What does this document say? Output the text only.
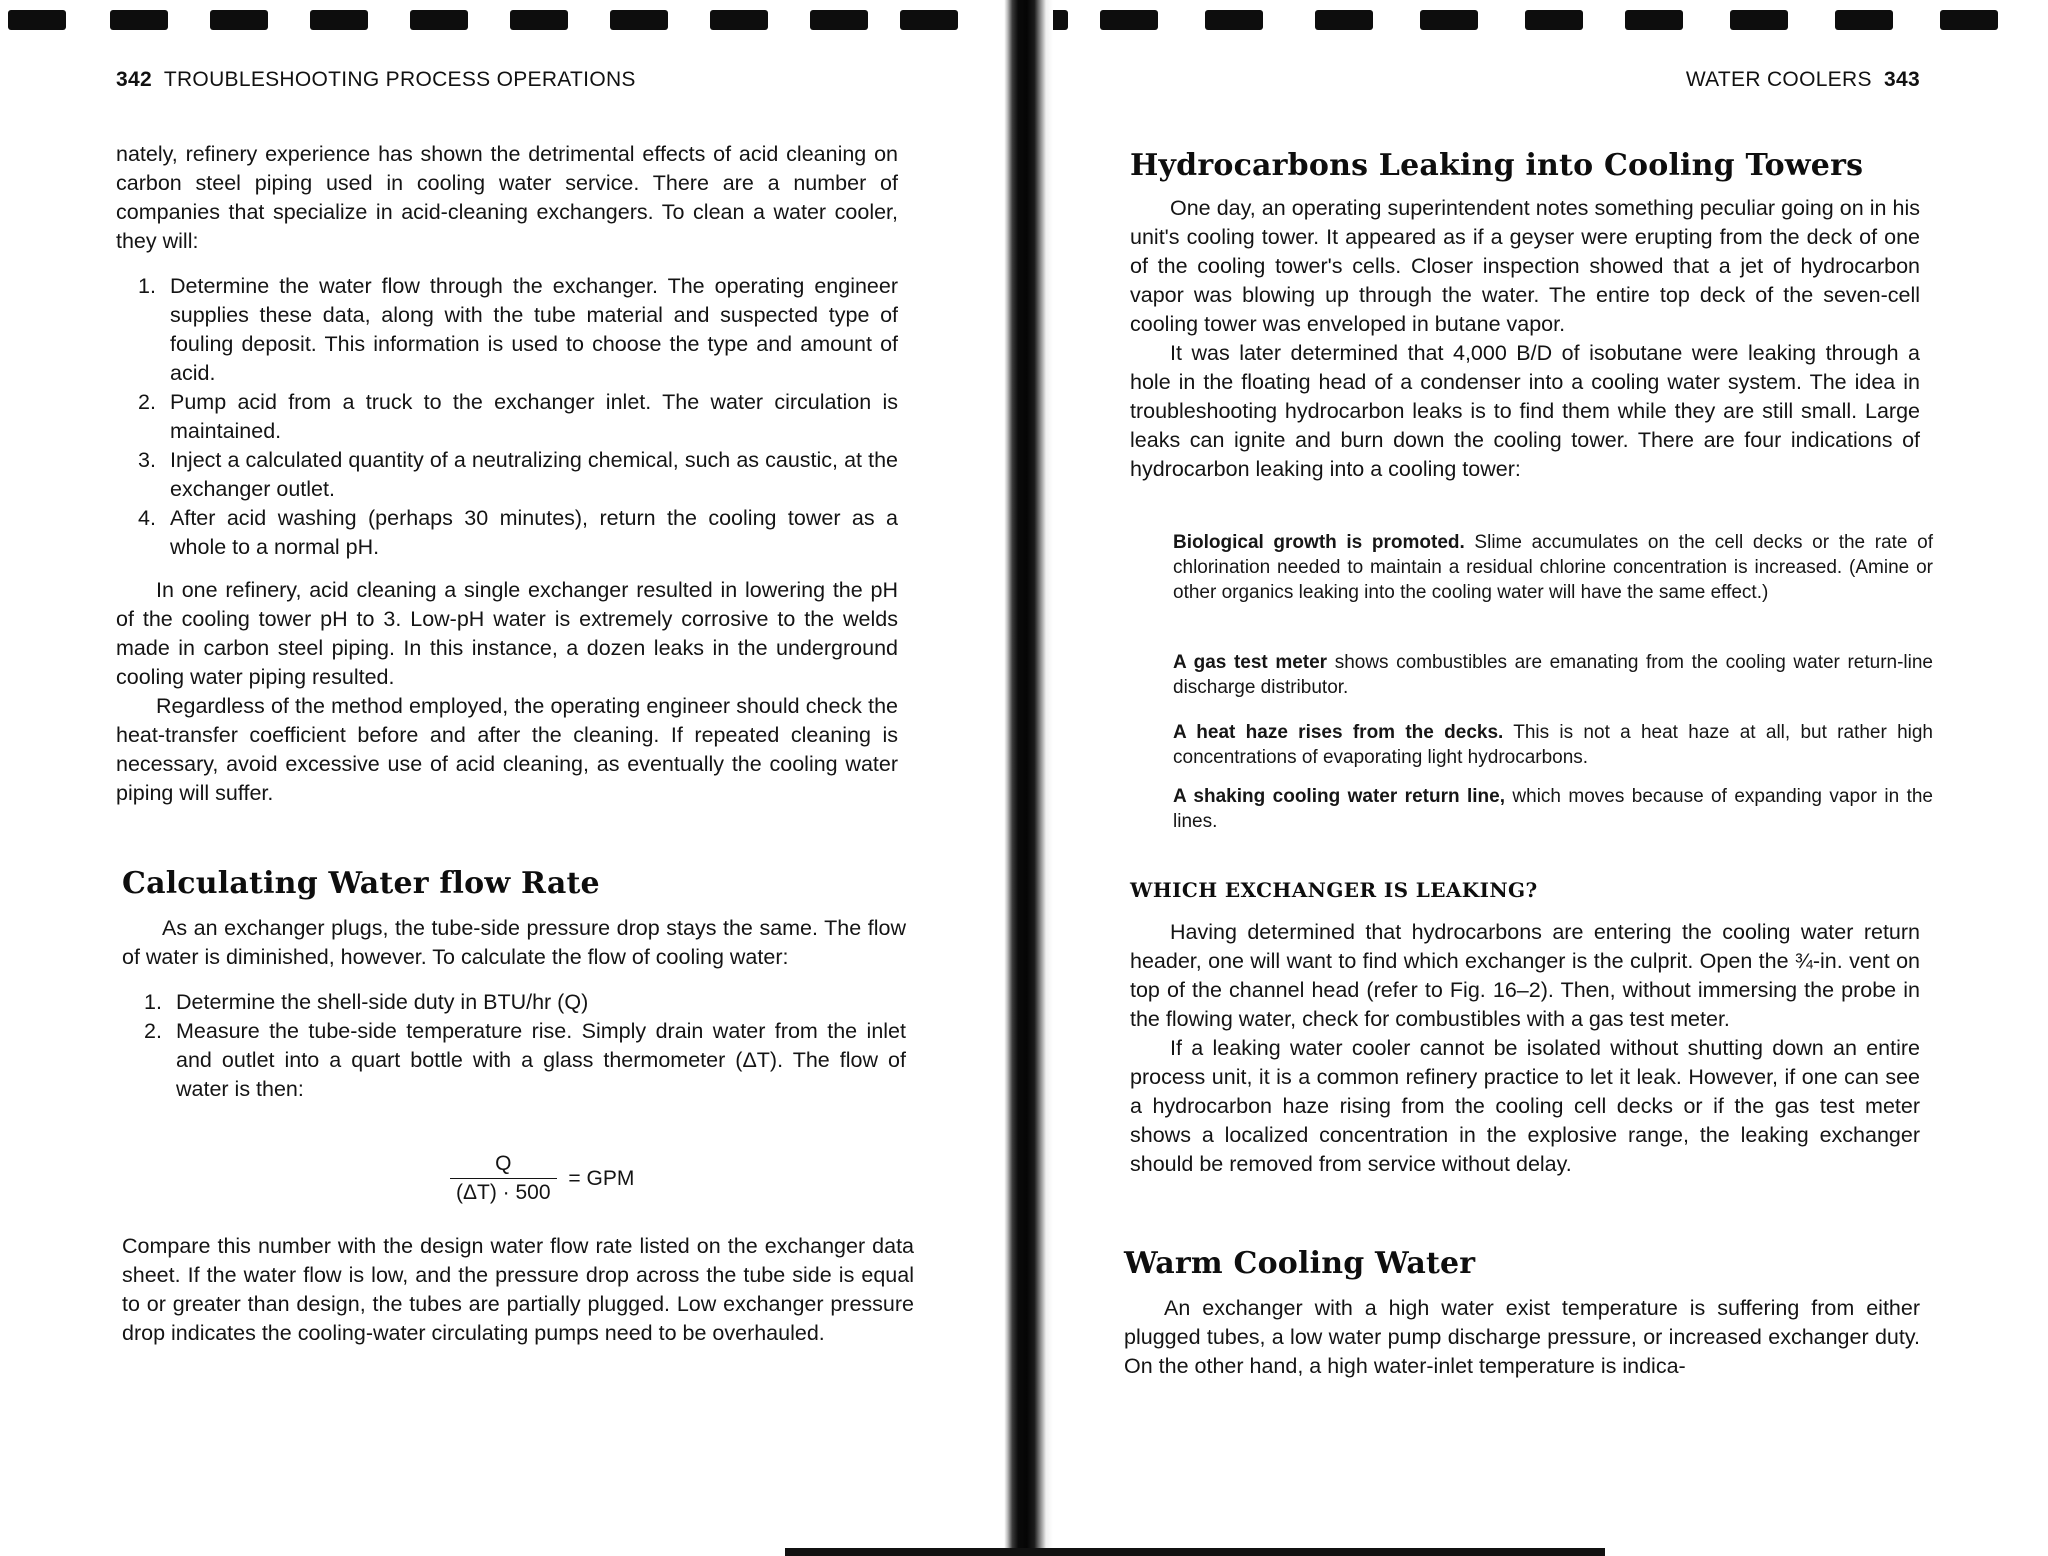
342 TROUBLESHOOTING PROCESS OPERATIONS

nately, refinery experience has shown the detrimental effects of acid cleaning on carbon steel piping used in cooling water service. There are a number of companies that specialize in acid-cleaning exchangers. To clean a water cooler, they will:

1. Determine the water flow through the exchanger. The operating engineer supplies these data, along with the tube material and suspected type of fouling deposit. This information is used to choose the type and amount of acid.
2. Pump acid from a truck to the exchanger inlet. The water circulation is maintained.
3. Inject a calculated quantity of a neutralizing chemical, such as caustic, at the exchanger outlet.
4. After acid washing (perhaps 30 minutes), return the cooling tower as a whole to a normal pH.

In one refinery, acid cleaning a single exchanger resulted in lowering the pH of the cooling tower pH to 3. Low-pH water is extremely corrosive to the welds made in carbon steel piping. In this instance, a dozen leaks in the underground cooling water piping resulted.

Regardless of the method employed, the operating engineer should check the heat-transfer coefficient before and after the cleaning. If repeated cleaning is necessary, avoid excessive use of acid cleaning, as eventually the cooling water piping will suffer.

Calculating Water flow Rate

As an exchanger plugs, the tube-side pressure drop stays the same. The flow of water is diminished, however. To calculate the flow of cooling water:

1. Determine the shell-side duty in BTU/hr (Q)
2. Measure the tube-side temperature rise. Simply drain water from the inlet and outlet into a quart bottle with a glass thermometer (ΔT). The flow of water is then:
$\frac{Q}{(\Delta T) \cdot 500}$ = GPM

Compare this number with the design water flow rate listed on the exchanger data sheet. If the water flow is low, and the pressure drop across the tube side is equal to or greater than design, the tubes are partially plugged. Low exchanger pressure drop indicates the cooling-water circulating pumps need to be overhauled.

WATER COOLERS 343
Hydrocarbons Leaking into Cooling Towers

One day, an operating superintendent notes something peculiar going on in his unit's cooling tower. It appeared as if a geyser were erupting from the deck of one of the cooling tower's cells. Closer inspection showed that a jet of hydrocarbon vapor was blowing up through the water. The entire top deck of the seven-cell cooling tower was enveloped in butane vapor.

It was later determined that 4,000 B/D of isobutane were leaking through a hole in the floating head of a condenser into a cooling water system. The idea in troubleshooting hydrocarbon leaks is to find them while they are still small. Large leaks can ignite and burn down the cooling tower. There are four indications of hydrocarbon leaking into a cooling tower:

Biological growth is promoted. Slime accumulates on the cell decks or the rate of chlorination needed to maintain a residual chlorine concentration is increased. (Amine or other organics leaking into the cooling water will have the same effect.)

A gas test meter shows combustibles are emanating from the cooling water return-line discharge distributor.

A heat haze rises from the decks. This is not a heat haze at all, but rather high concentrations of evaporating light hydrocarbons.

A shaking cooling water return line, which moves because of expanding vapor in the lines.

WHICH EXCHANGER IS LEAKING?

Having determined that hydrocarbons are entering the cooling water return header, one will want to find which exchanger is the culprit. Open the ¾-in. vent on top of the channel head (refer to Fig. 16–2). Then, without immersing the probe in the flowing water, check for combustibles with a gas test meter.

If a leaking water cooler cannot be isolated without shutting down an entire process unit, it is a common refinery practice to let it leak. However, if one can see a hydrocarbon haze rising from the cooling cell decks or if the gas test meter shows a localized concentration in the explosive range, the leaking exchanger should be removed from service without delay.

Warm Cooling Water

An exchanger with a high water exist temperature is suffering from either plugged tubes, a low water pump discharge pressure, or increased exchanger duty. On the other hand, a high water-inlet temperature is indica-
